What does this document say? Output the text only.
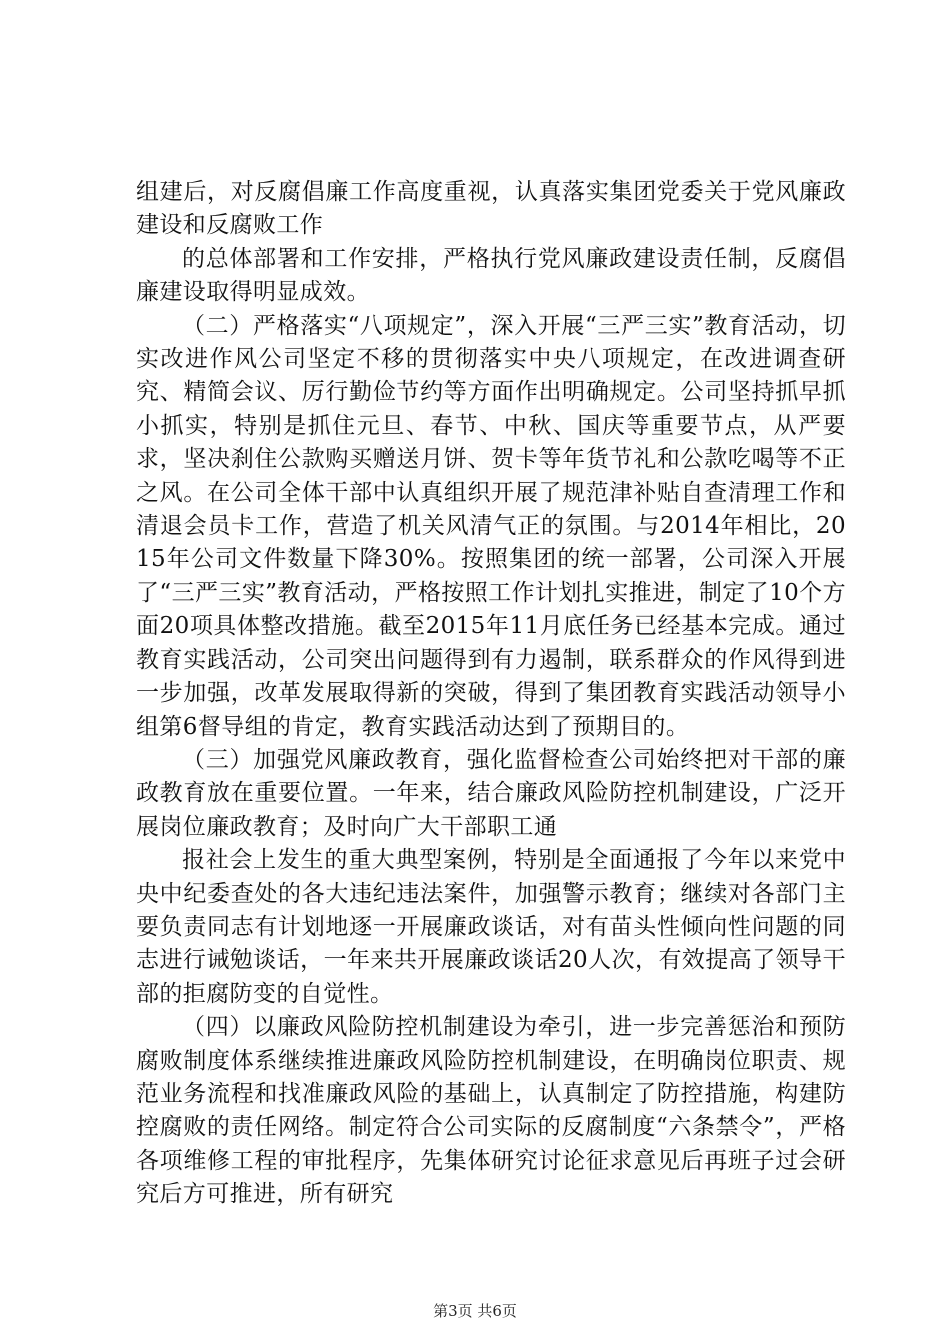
组建后，对反腐倡廉工作高度重视，认真落实集团党委关于党风廉政建设和反腐败工作

的总体部署和工作安排，严格执行党风廉政建设责任制，反腐倡廉建设取得明显成效。

（二）严格落实“八项规定”，深入开展“三严三实”教育活动，切实改进作风公司坚定不移的贯彻落实中央八项规定，在改进调查研究、精简会议、厉行勤俭节约等方面作出明确规定。公司坚持抓早抓小抓实，特别是抓住元旦、春节、中秋、国庆等重要节点，从严要求，坚决刹住公款购买赠送月饼、贺卡等年货节礼和公款吃喝等不正之风。在公司全体干部中认真组织开展了规范津补贴自查清理工作和清退会员卡工作，营造了机关风清气正的氛围。与2014年相比，2015年公司文件数量下降30%。按照集团的统一部署，公司深入开展了“三严三实”教育活动，严格按照工作计划扎实推进，制定了10个方面20项具体整改措施。截至2015年11月底任务已经基本完成。通过教育实践活动，公司突出问题得到有力遏制，联系群众的作风得到进一步加强，改革发展取得新的突破，得到了集团教育实践活动领导小组第6督导组的肯定，教育实践活动达到了预期目的。

（三）加强党风廉政教育，强化监督检查公司始终把对干部的廉政教育放在重要位置。一年来，结合廉政风险防控机制建设，广泛开展岗位廉政教育；及时向广大干部职工通

报社会上发生的重大典型案例，特别是全面通报了今年以来党中央中纪委查处的各大违纪违法案件，加强警示教育；继续对各部门主要负责同志有计划地逐一开展廉政谈话，对有苗头性倾向性问题的同志进行诫勉谈话，一年来共开展廉政谈话20人次，有效提高了领导干部的拒腐防变的自觉性。

（四）以廉政风险防控机制建设为牵引，进一步完善惩治和预防腐败制度体系继续推进廉政风险防控机制建设，在明确岗位职责、规范业务流程和找准廉政风险的基础上，认真制定了防控措施，构建防控腐败的责任网络。制定符合公司实际的反腐制度“六条禁令”，严格各项维修工程的审批程序，先集体研究讨论征求意见后再班子过会研究后方可推进，所有研究

第3页 共6页
